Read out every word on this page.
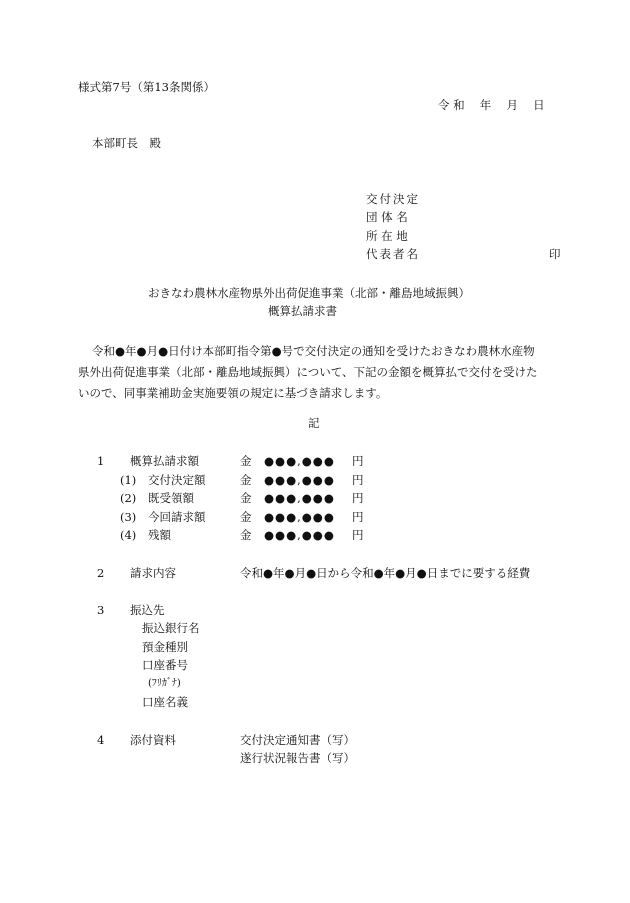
様式第7号（第13条関係）
令 和　 年　 月　 日
本部町長　殿
交付決定
団 体 名
所 在 地
代表者名	印
おきなわ農林水産物県外出荷促進事業（北部・離島地域振興）
概算払請求書
令和●年●月●日付け本部町指令第●号で交付決定の通知を受けたおきなわ農林水産物
県外出荷促進事業（北部・離島地域振興）について、下記の金額を概算払で交付を受けた
いので、同事業補助金実施要領の規定に基づき請求します。
記
1 概算払請求額	金 ●●●,●●● 円
(1) 交付決定額	金 ●●●,●●● 円
(2) 既受領額	金 ●●●,●●● 円
(3) 今回請求額	金 ●●●,●●● 円
(4) 残額	金 ●●●,●●● 円
2 請求内容	令和●年●月●日から令和●年●月●日までに要する経費
3 振込先
振込銀行名
預金種別
口座番号
(ﾌﾘｶﾞﾅ)
口座名義
4 添付資料	交付決定通知書（写）
遂行状況報告書（写）
